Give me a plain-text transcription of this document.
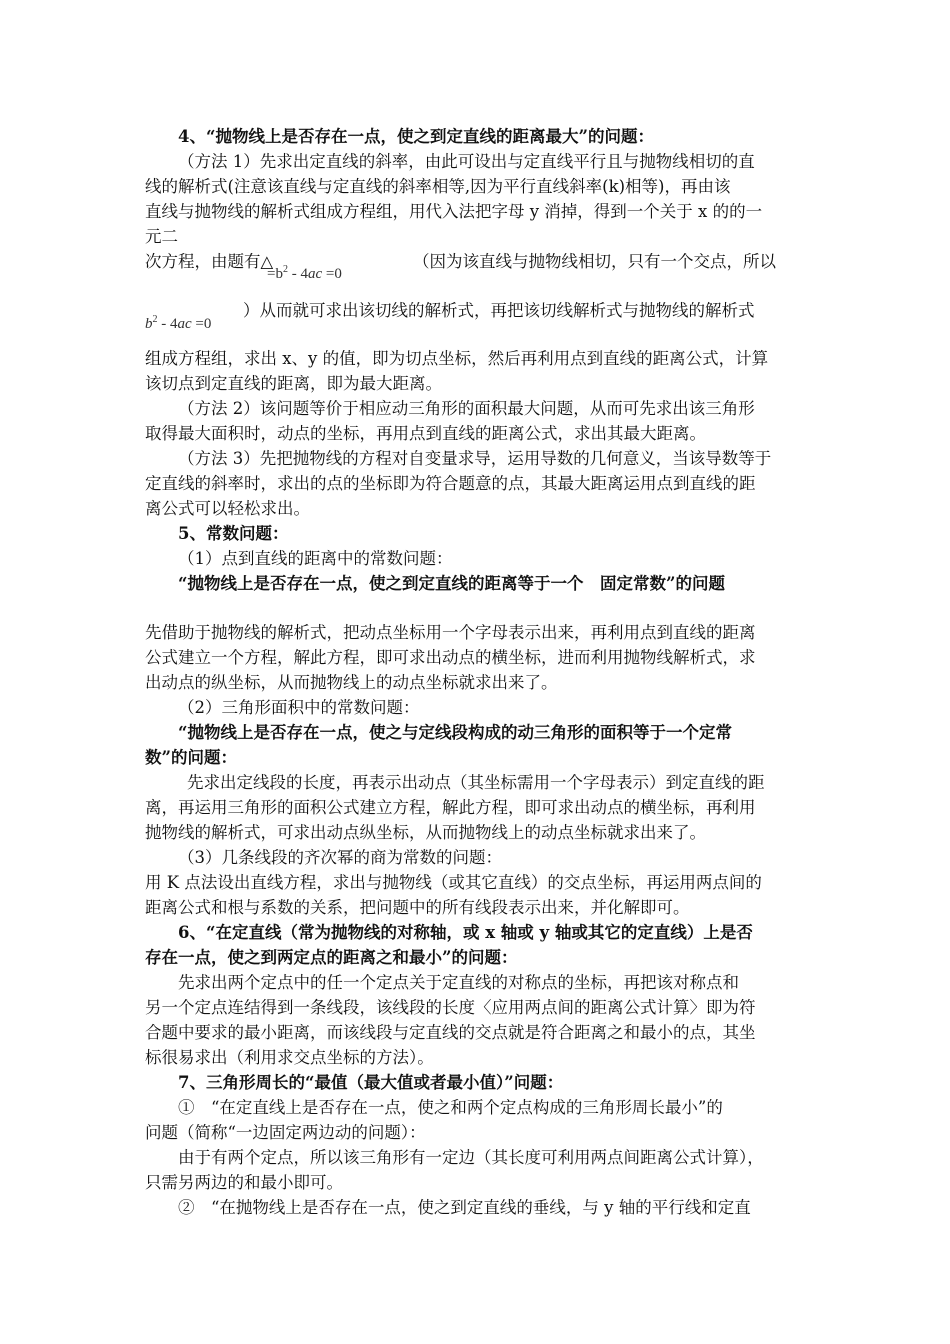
4、“抛物线上是否存在一点，使之到定直线的距离最大”的问题：
（方法 1）先求出定直线的斜率，由此可设出与定直线平行且与抛物线相切的直
线的解析式(注意该直线与定直线的斜率相等,因为平行直线斜率(k)相等)，再由该
直线与抛物线的解析式组成方程组，用代入法把字母 y 消掉，得到一个关于 x 的的一
元二
次方程，由题有△
$=b^2 - 4ac =0$
（因为该直线与抛物线相切，只有一个交点，所以
$b^2 - 4ac =0$
）从而就可求出该切线的解析式，再把该切线解析式与抛物线的解析式
组成方程组，求出 x、y 的值，即为切点坐标，然后再利用点到直线的距离公式，计算
该切点到定直线的距离，即为最大距离。
（方法 2）该问题等价于相应动三角形的面积最大问题，从而可先求出该三角形
取得最大面积时，动点的坐标，再用点到直线的距离公式，求出其最大距离。
（方法 3）先把抛物线的方程对自变量求导，运用导数的几何意义，当该导数等于
定直线的斜率时，求出的点的坐标即为符合题意的点，其最大距离运用点到直线的距
离公式可以轻松求出。
5、常数问题：
（1）点到直线的距离中的常数问题：
“抛物线上是否存在一点，使之到定直线的距离等于一个　固定常数”的问题
先借助于抛物线的解析式，把动点坐标用一个字母表示出来，再利用点到直线的距离
公式建立一个方程，解此方程，即可求出动点的横坐标，进而利用抛物线解析式，求
出动点的纵坐标，从而抛物线上的动点坐标就求出来了。
（2）三角形面积中的常数问题：
“抛物线上是否存在一点，使之与定线段构成的动三角形的面积等于一个定常
数”的问题：
先求出定线段的长度，再表示出动点（其坐标需用一个字母表示）到定直线的距
离，再运用三角形的面积公式建立方程，解此方程，即可求出动点的横坐标，再利用
抛物线的解析式，可求出动点纵坐标，从而抛物线上的动点坐标就求出来了。
（3）几条线段的齐次幂的商为常数的问题：
用 K 点法设出直线方程，求出与抛物线（或其它直线）的交点坐标，再运用两点间的
距离公式和根与系数的关系，把问题中的所有线段表示出来，并化解即可。
6、“在定直线（常为抛物线的对称轴，或 x 轴或 y 轴或其它的定直线）上是否
存在一点，使之到两定点的距离之和最小”的问题：
先求出两个定点中的任一个定点关于定直线的对称点的坐标，再把该对称点和
另一个定点连结得到一条线段，该线段的长度〈应用两点间的距离公式计算〉即为符
合题中要求的最小距离，而该线段与定直线的交点就是符合距离之和最小的点，其坐
标很易求出（利用求交点坐标的方法）。
7、三角形周长的“最值（最大值或者最小值）”问题：
①　“在定直线上是否存在一点，使之和两个定点构成的三角形周长最小”的
问题（简称“一边固定两边动的问题）：
由于有两个定点，所以该三角形有一定边（其长度可利用两点间距离公式计算），
只需另两边的和最小即可。
②　“在抛物线上是否存在一点，使之到定直线的垂线，与 y 轴的平行线和定直
